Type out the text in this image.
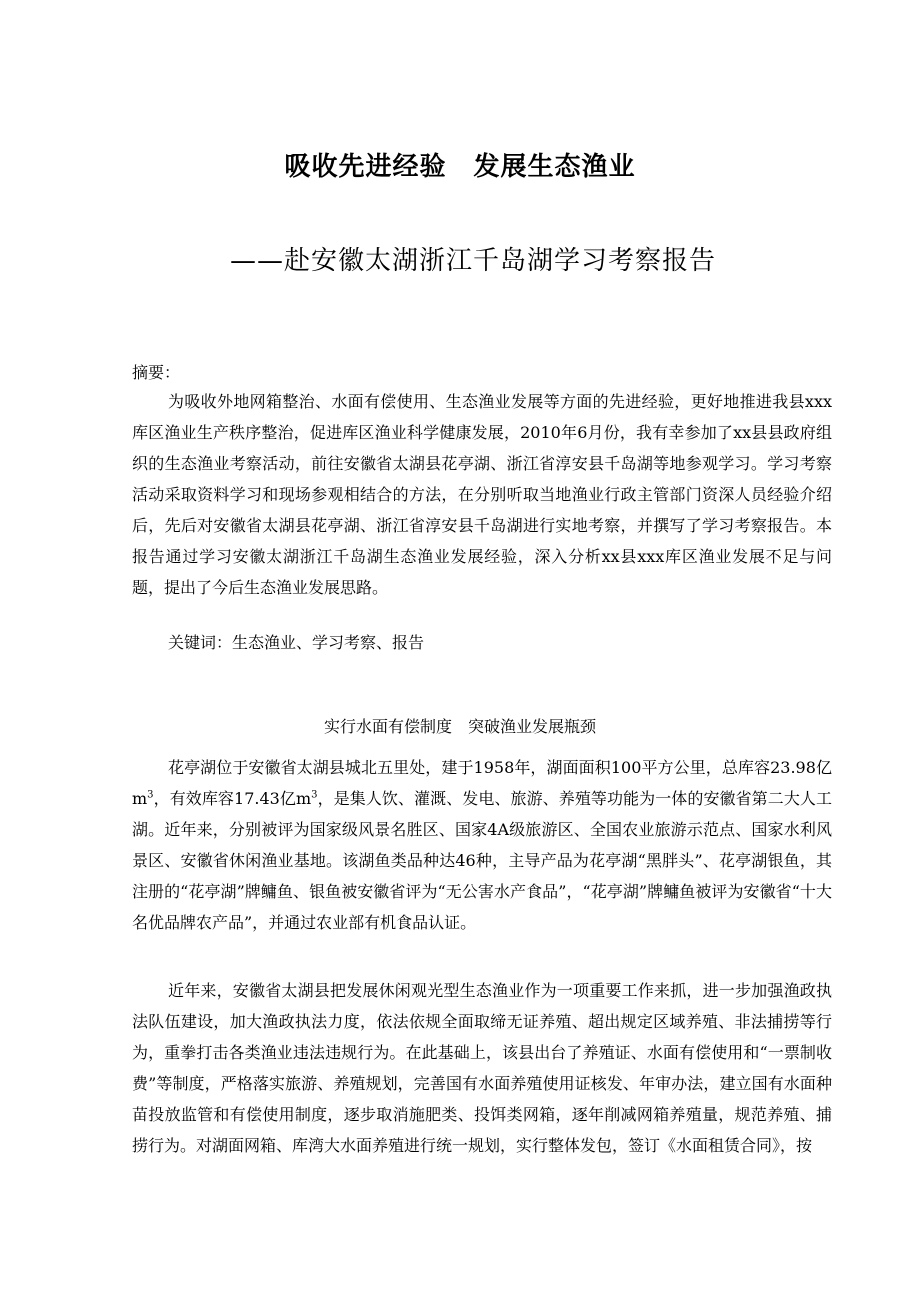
吸收先进经验　发展生态渔业
——赴安徽太湖浙江千岛湖学习考察报告
摘要：

为吸收外地网箱整治、水面有偿使用、生态渔业发展等方面的先进经验，更好地推进我县xxx库区渔业生产秩序整治，促进库区渔业科学健康发展，2010年6月份，我有幸参加了xx县县政府组织的生态渔业考察活动，前往安徽省太湖县花亭湖、浙江省淳安县千岛湖等地参观学习。学习考察活动采取资料学习和现场参观相结合的方法，在分别听取当地渔业行政主管部门资深人员经验介绍后，先后对安徽省太湖县花亭湖、浙江省淳安县千岛湖进行实地考察，并撰写了学习考察报告。本报告通过学习安徽太湖浙江千岛湖生态渔业发展经验，深入分析xx县xxx库区渔业发展不足与问题，提出了今后生态渔业发展思路。

关键词：生态渔业、学习考察、报告

实行水面有偿制度　突破渔业发展瓶颈

花亭湖位于安徽省太湖县城北五里处，建于1958年，湖面面积100平方公里，总库容23.98亿$m^3$，有效库容17.43亿$m^3$，是集人饮、灌溉、发电、旅游、养殖等功能为一体的安徽省第二大人工湖。近年来，分别被评为国家级风景名胜区、国家4A级旅游区、全国农业旅游示范点、国家水利风景区、安徽省休闲渔业基地。该湖鱼类品种达46种，主导产品为花亭湖“黑胖头”、花亭湖银鱼，其注册的“花亭湖”牌鳙鱼、银鱼被安徽省评为“无公害水产食品”，“花亭湖”牌鳙鱼被评为安徽省“十大名优品牌农产品”，并通过农业部有机食品认证。

近年来，安徽省太湖县把发展休闲观光型生态渔业作为一项重要工作来抓，进一步加强渔政执法队伍建设，加大渔政执法力度，依法依规全面取缔无证养殖、超出规定区域养殖、非法捕捞等行为，重拳打击各类渔业违法违规行为。在此基础上，该县出台了养殖证、水面有偿使用和“一票制收费”等制度，严格落实旅游、养殖规划，完善国有水面养殖使用证核发、年审办法，建立国有水面种苗投放监管和有偿使用制度，逐步取消施肥类、投饵类网箱，逐年削减网箱养殖量，规范养殖、捕捞行为。对湖面网箱、库湾大水面养殖进行统一规划，实行整体发包，签订《水面租赁合同》，按
